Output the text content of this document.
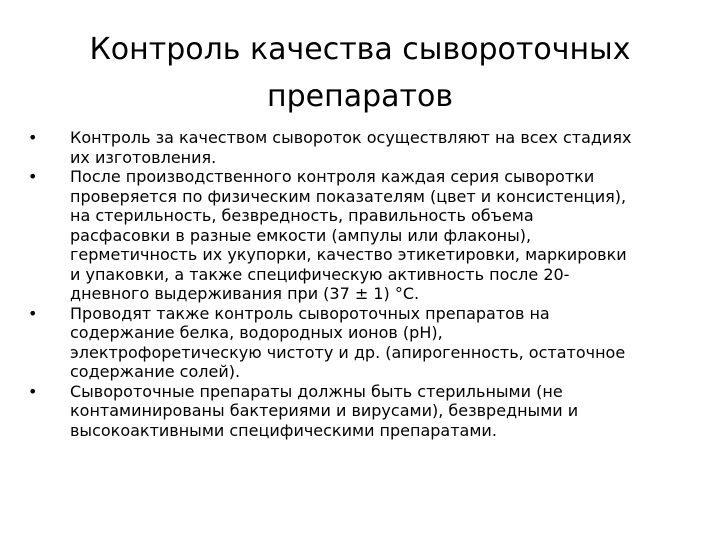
Контроль качества сывороточных
препаратов
•	Контроль за качеством сывороток осуществляют на всех стадиях
их изготовления.
•	После производственного контроля каждая серия сыворотки
проверяется по физическим показателям (цвет и консистенция),
на стерильность, безвредность, правильность объема
расфасовки в разные емкости (ампулы или флаконы),
герметичность их укупорки, качество этикетировки, маркировки
и упаковки, а также специфическую активность после 20-
дневного выдерживания при (37 ± 1) °С.
•	Проводят также контроль сывороточных препаратов на
содержание белка, водородных ионов (рН),
электрофоретическую чистоту и др. (апирогенность, остаточное
содержание солей).
•	Сывороточные препараты должны быть стерильными (не
контаминированы бактериями и вирусами), безвредными и
высокоактивными специфическими препаратами.
